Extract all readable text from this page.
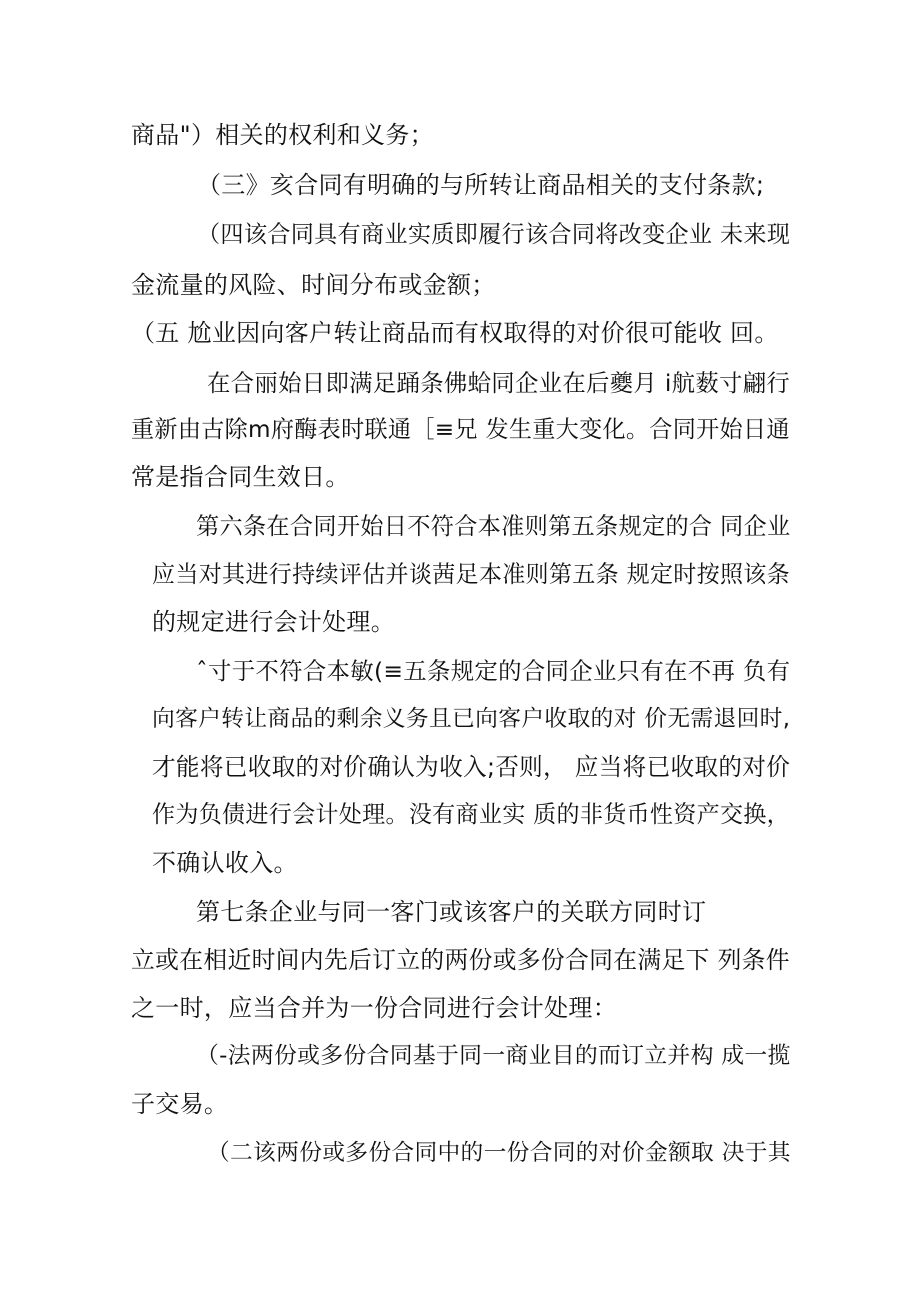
商品"）相关的权利和义务；
（三》亥合同有明确的与所转让商品相关的支付条款;
（四该合同具有商业实质即履行该合同将改变企业 未来现
金流量的风险、时间分布或金额；
（五 尬业因向客户转让商品而有权取得的对价很可能收 回。
在合丽始日即满足踊条佛蛤同企业在后夔月 i航薮寸翩行
重新由古除m府酶表时联通［≡兄 发生重大变化。合同开始日通
常是指合同生效日。
第六条在合同开始日不符合本准则第五条规定的合 同企业
应当对其进行持续评估并谈茜足本准则第五条 规定时按照该条
的规定进行会计处理。
ˆ寸于不符合本敏(≡五条规定的合同企业只有在不再 负有
向客户转让商品的剩余义务且已向客户收取的对 价无需退回时,
才能将已收取的对价确认为收入;否则， 应当将已收取的对价
作为负债进行会计处理。没有商业实 质的非货币性资产交换，
不确认收入。
第七条企业与同一客门或该客户的关联方同时订
立或在相近时间内先后订立的两份或多份合同在满足下 列条件
之一时，应当合并为一份合同进行会计处理：
（-法两份或多份合同基于同一商业目的而订立并构 成一揽
子交易。
（二该两份或多份合同中的一份合同的对价金额取 决于其
